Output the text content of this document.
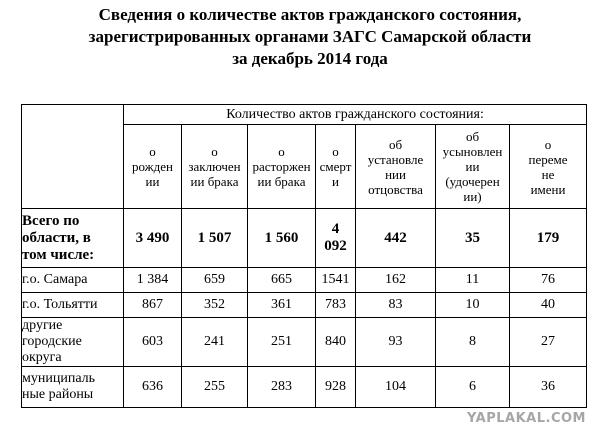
Сведения о количестве актов гражданского состояния,
зарегистрированных органами ЗАГС Самарской области
за декабрь 2014 года
	Количество актов гражданского состояния:						

	о
рожден
ии	о
заключен
ии брака	о
расторжен
ии брака	о
смерт
и	об
установле
нии
отцовства	об
усыновлен
ии
(удочерен
ии)	о
переме
не
имени

Всего по
области, в
том числе:	3 490	1 507	1 560	4
092	442	35	179

г.о. Самара	1 384	659	665	1541	162	11	76

г.о. Тольятти	867	352	361	783	83	10	40

другие
городские
округа	603	241	251	840	93	8	27

муниципаль
ные районы	636	255	283	928	104	6	36
YAPLAKAL.COM
